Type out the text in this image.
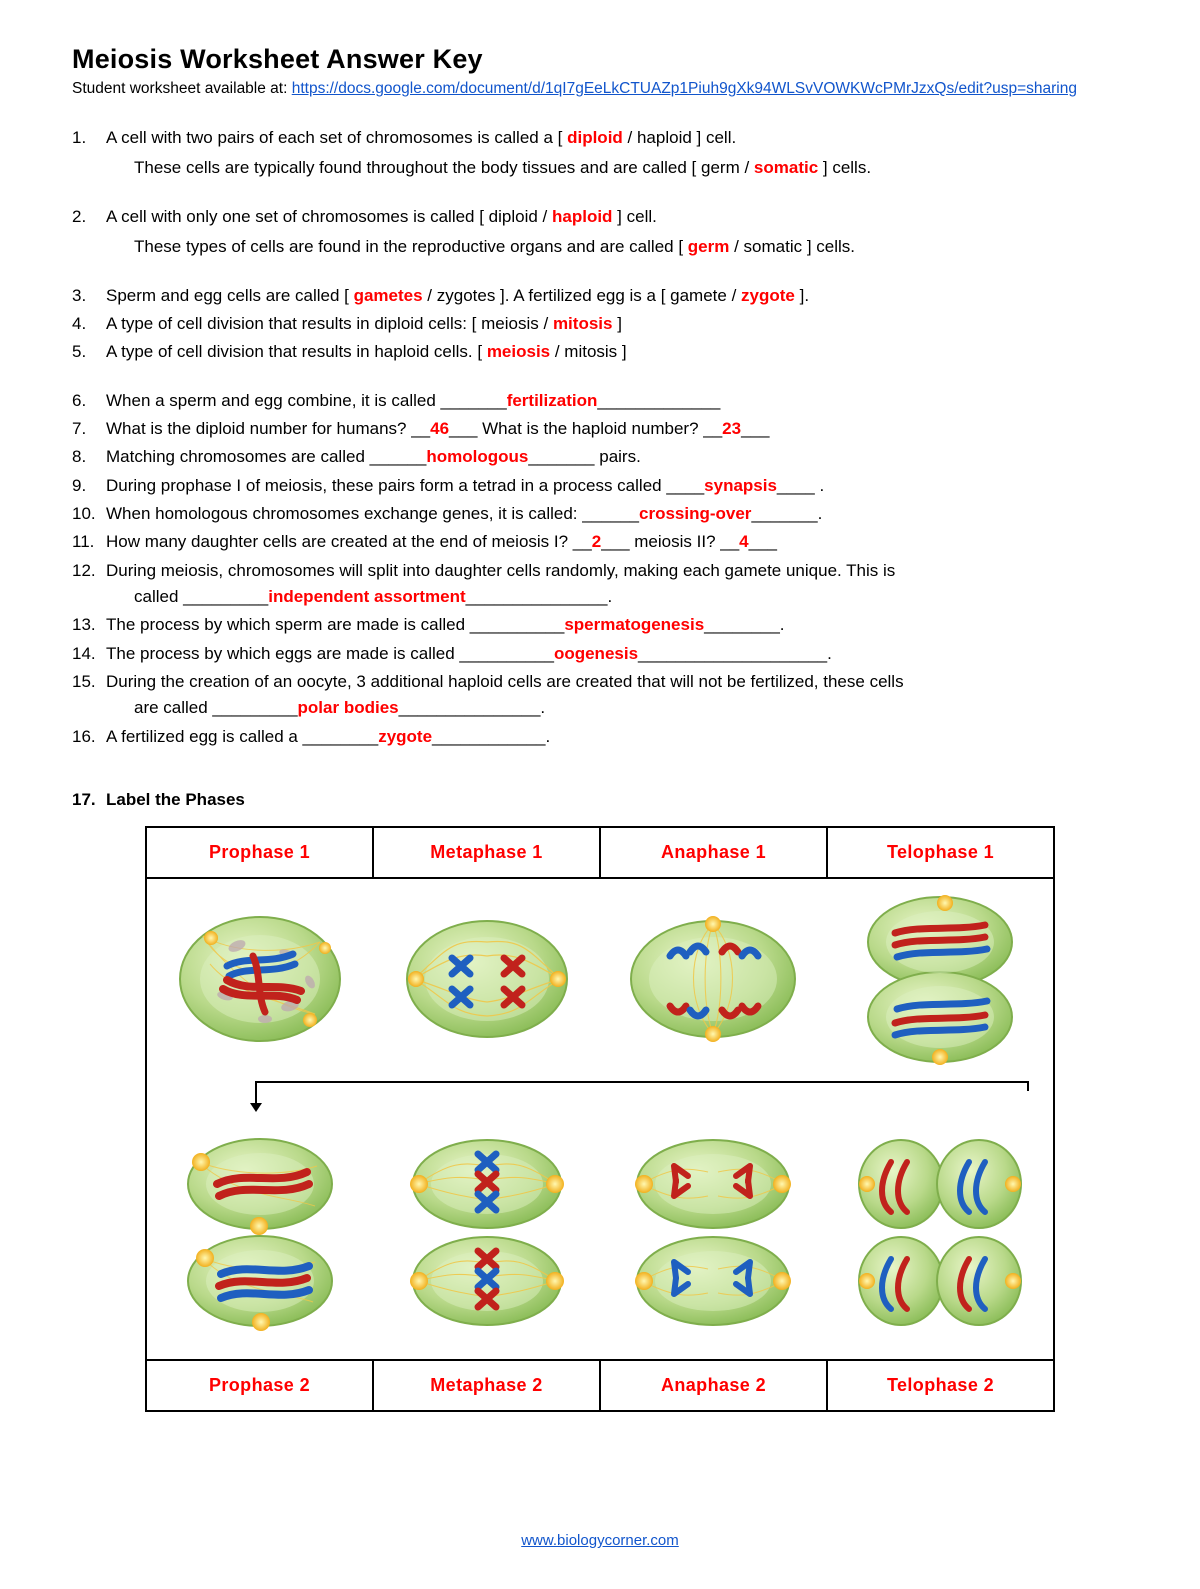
Meiosis Worksheet Answer Key

Student worksheet available at: https://docs.google.com/document/d/1qI7gEeLkCTUAZp1Piuh9gXk94WLSvVOWKWcPMrJzxQs/edit?usp=sharing

1.	A cell with two pairs of each set of chromosomes is called a [ diploid / haploid ] cell.
These cells are typically found throughout the body tissues and are called [ germ / somatic ] cells.
2.	A cell with only one set of chromosomes is called [ diploid / haploid ] cell.
These types of cells are found in the reproductive organs and are called [ germ / somatic ] cells.
3.	Sperm and egg cells are called [ gametes / zygotes ]. A fertilized egg is a [ gamete / zygote ].
4.	A type of cell division that results in diploid cells: [ meiosis / mitosis ]
5.	A type of cell division that results in haploid cells. [ meiosis / mitosis ]
6.	When a sperm and egg combine, it is called _______fertilization_____________
7.	What is the diploid number for humans? __46___ What is the haploid number? __23___
8.	Matching chromosomes are called ______homologous_______ pairs.
9.	During prophase I of meiosis, these pairs form a tetrad in a process called ____synapsis____ .
10. When homologous chromosomes exchange genes, it is called: ______crossing-over_______.
11. How many daughter cells are created at the end of meiosis I? __2___ meiosis II? __4___
12. During meiosis, chromosomes will split into daughter cells randomly, making each gamete unique. This is
called _________independent assortment_______________.
13. The process by which sperm are made is called __________spermatogenesis________.
14. The process by which eggs are made is called __________oogenesis____________________.
15. During the creation of an oocyte, 3 additional haploid cells are created that will not be fertilized, these cells
are called _________polar bodies_______________.
16. A fertilized egg is called a ________zygote____________.
17. Label the Phases
Prophase 1	Metaphase 1	Anaphase 1	Telophase 1

Prophase 2	Metaphase 2	Anaphase 2	Telophase 2
www.biologycorner.com
